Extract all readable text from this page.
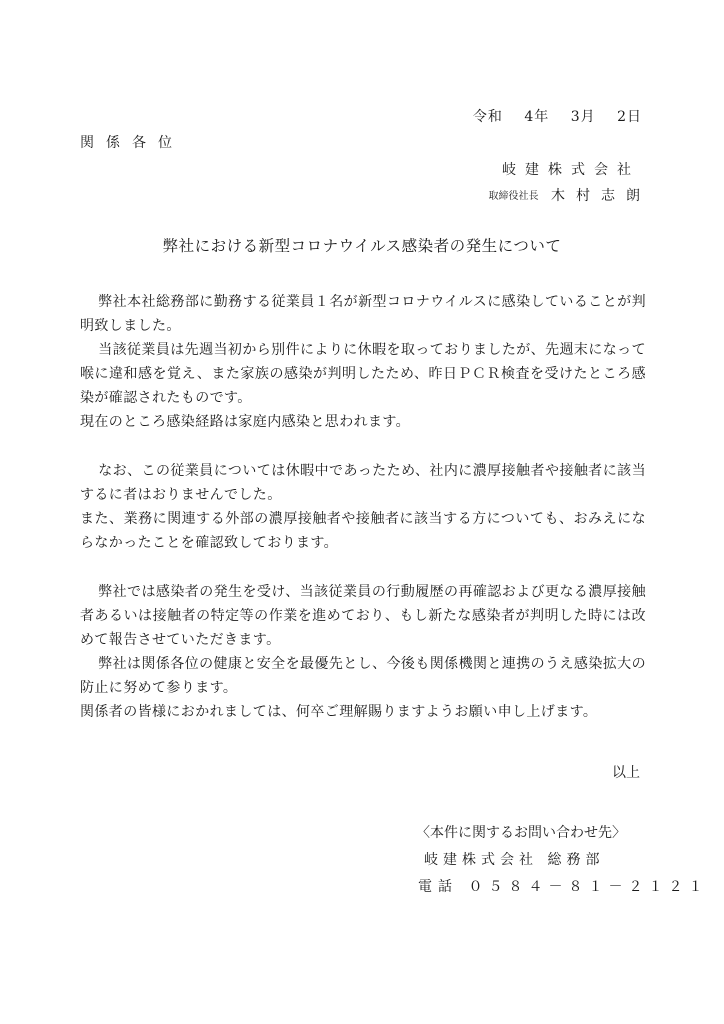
令和 4年 3月 2日
関係各位
岐建株式会社
取締役社長 木村志朗
弊社における新型コロナウイルス感染者の発生について

弊社本社総務部に勤務する従業員１名が新型コロナウイルスに感染していることが判明致しました。

当該従業員は先週当初から別件によりに休暇を取っておりましたが、先週末になって喉に違和感を覚え、また家族の感染が判明したため、昨日ＰＣＲ検査を受けたところ感染が確認されたものです。

現在のところ感染経路は家庭内感染と思われます。

なお、この従業員については休暇中であったため、社内に濃厚接触者や接触者に該当するに者はおりませんでした。

また、業務に関連する外部の濃厚接触者や接触者に該当する方についても、おみえにならなかったことを確認致しております。

弊社では感染者の発生を受け、当該従業員の行動履歴の再確認および更なる濃厚接触者あるいは接触者の特定等の作業を進めており、もし新たな感染者が判明した時には改めて報告させていただきます。

弊社は関係各位の健康と安全を最優先とし、今後も関係機関と連携のうえ感染拡大の防止に努めて参ります。

関係者の皆様におかれましては、何卒ご理解賜りますようお願い申し上げます。

以上
〈本件に関するお問い合わせ先〉
岐建株式会社 総務部
電話 ０５８４－８１－２１２１
